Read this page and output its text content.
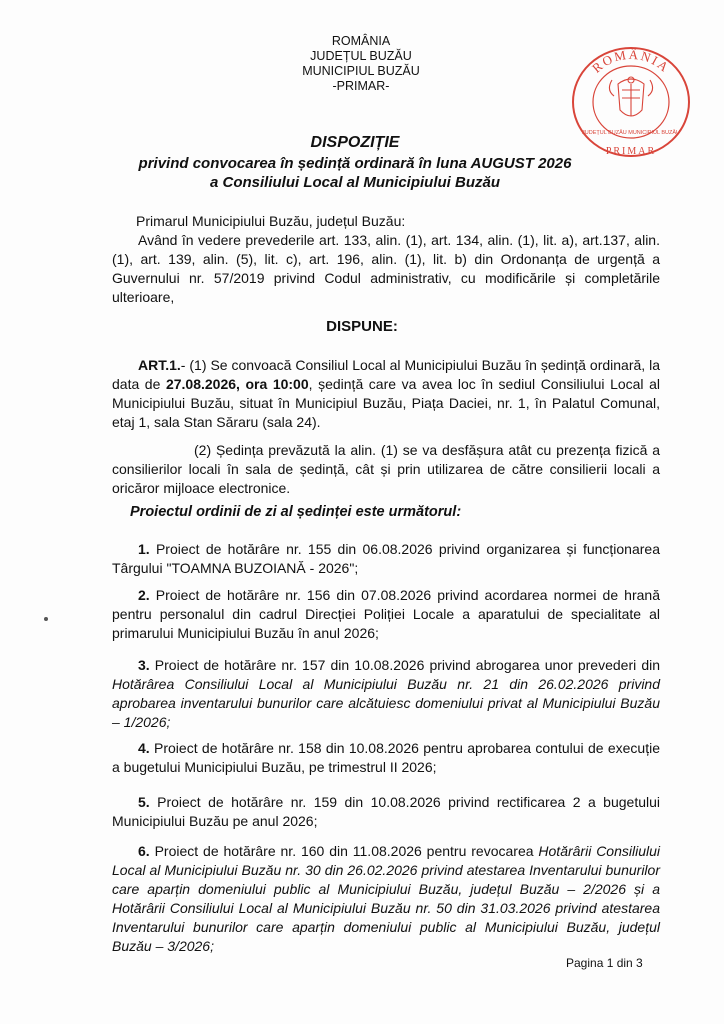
ROMÂNIA
JUDEȚUL BUZĂU
MUNICIPIUL BUZĂU
-PRIMAR-
ROMÂNIA
PRIMAR
JUDEȚUL BUZĂU MUNICIPIUL BUZĂU
DISPOZIȚIE
privind convocarea în ședință ordinară în luna AUGUST 2026
a Consiliului Local al Municipiului Buzău
Primarul Municipiului Buzău, județul Buzău:
Având în vedere prevederile art. 133, alin. (1), art. 134, alin. (1), lit. a), art.137, alin. (1), art. 139, alin. (5), lit. c), art. 196, alin. (1), lit. b) din Ordonanța de urgență a Guvernului nr. 57/2019 privind Codul administrativ, cu modificările și completările ulterioare,
DISPUNE:
ART.1.- (1) Se convoacă Consiliul Local al Municipiului Buzău în ședință ordinară, la data de 27.08.2026, ora 10:00, ședință care va avea loc în sediul Consiliului Local al Municipiului Buzău, situat în Municipiul Buzău, Piața Daciei, nr. 1, în Palatul Comunal, etaj 1, sala Stan Săraru (sala 24).
(2) Ședința prevăzută la alin. (1) se va desfășura atât cu prezența fizică a consilierilor locali în sala de ședință, cât și prin utilizarea de către consilierii locali a oricăror mijloace electronice.
Proiectul ordinii de zi al ședinței este următorul:
1. Proiect de hotărâre nr. 155 din 06.08.2026 privind organizarea și funcționarea Târgului "TOAMNA BUZOIANĂ - 2026";
2. Proiect de hotărâre nr. 156 din 07.08.2026 privind acordarea normei de hrană pentru personalul din cadrul Direcției Poliției Locale a aparatului de specialitate al primarului Municipiului Buzău în anul 2026;
3. Proiect de hotărâre nr. 157 din 10.08.2026 privind abrogarea unor prevederi din Hotărârea Consiliului Local al Municipiului Buzău nr. 21 din 26.02.2026 privind aprobarea inventarului bunurilor care alcătuiesc domeniului privat al Municipiului Buzău – 1/2026;
4. Proiect de hotărâre nr. 158 din 10.08.2026 pentru aprobarea contului de execuție a bugetului Municipiului Buzău, pe trimestrul II 2026;
5. Proiect de hotărâre nr. 159 din 10.08.2026 privind rectificarea 2 a bugetului Municipiului Buzău pe anul 2026;
6. Proiect de hotărâre nr. 160 din 11.08.2026 pentru revocarea Hotărârii Consiliului Local al Municipiului Buzău nr. 30 din 26.02.2026 privind atestarea Inventarului bunurilor care aparțin domeniului public al Municipiului Buzău, județul Buzău – 2/2026 și a Hotărârii Consiliului Local al Municipiului Buzău nr. 50 din 31.03.2026 privind atestarea Inventarului bunurilor care aparțin domeniului public al Municipiului Buzău, județul Buzău – 3/2026;
Pagina 1 din 3
